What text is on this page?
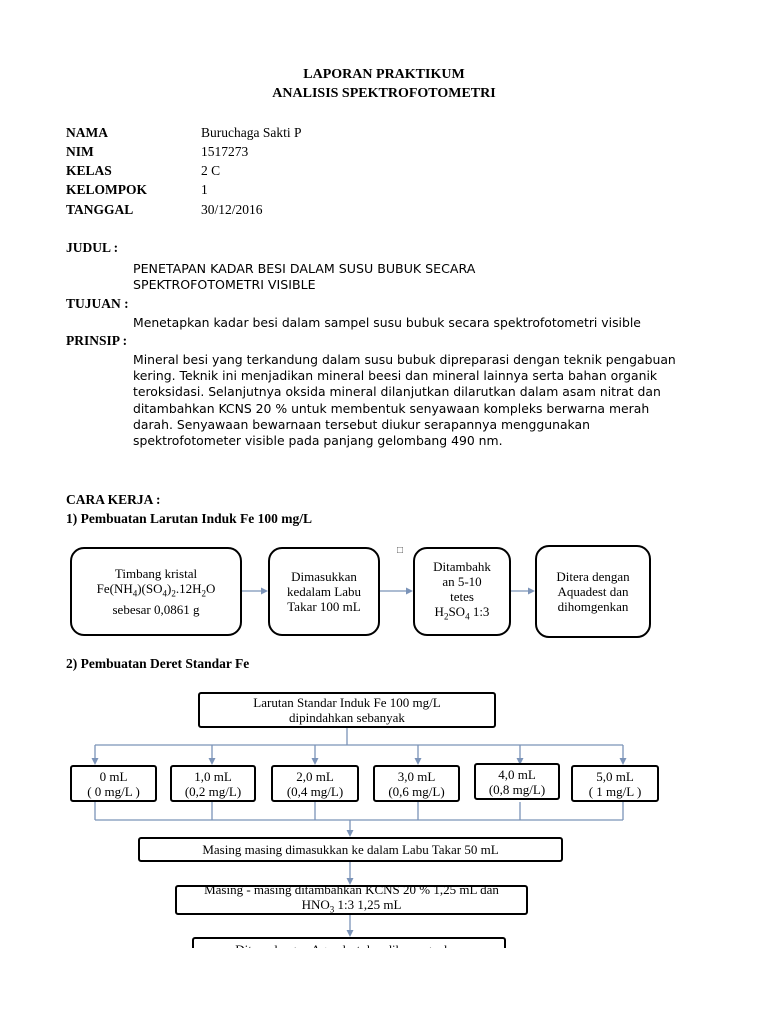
LAPORAN PRAKTIKUM
ANALISIS SPEKTROFOTOMETRI
NAMA	Buruchaga Sakti P
NIM	1517273
KELAS	2 C
KELOMPOK	1
TANGGAL	30/12/2016
JUDUL :
PENETAPAN KADAR BESI DALAM SUSU BUBUK SECARA
SPEKTROFOTOMETRI VISIBLE
TUJUAN :
Menetapkan kadar besi dalam sampel susu bubuk secara spektrofotometri visible
PRINSIP :
Mineral besi yang terkandung dalam susu bubuk dipreparasi dengan teknik pengabuan
kering. Teknik ini menjadikan mineral beesi dan mineral lainnya serta bahan organik
teroksidasi. Selanjutnya oksida mineral dilanjutkan dilarutkan dalam asam nitrat dan
ditambahkan KCNS 20 % untuk membentuk senyawaan kompleks berwarna merah
darah. Senyawaan bewarnaan tersebut diukur serapannya menggunakan
spektrofotometer visible pada panjang gelombang 490 nm.
CARA KERJA :
1) Pembuatan Larutan Induk Fe 100 mg/L
Timbang kristal
$Fe(NH_4)(SO_4)_2.12H_2O$
sebesar 0,0861 g
Dimasukkan
kedalam Labu
Takar 100 mL
□
Ditambahk
an 5-10
tetes
$H_2SO_4$ 1:3
Ditera dengan
Aquadest dan
dihomgenkan
2) Pembuatan Deret Standar Fe
Larutan Standar Induk Fe 100 mg/L
dipindahkan sebanyak
0 mL
( 0 mg/L )
1,0 mL
(0,2 mg/L)
2,0 mL
(0,4 mg/L)
3,0 mL
(0,6 mg/L)
4,0 mL
(0,8 mg/L)
5,0 mL
( 1 mg/L )
Masing masing dimasukkan ke dalam Labu Takar 50 mL
Masing - masing ditambahkan KCNS 20 % 1,25 mL dan
$HNO_3$ 1:3 1,25 mL
